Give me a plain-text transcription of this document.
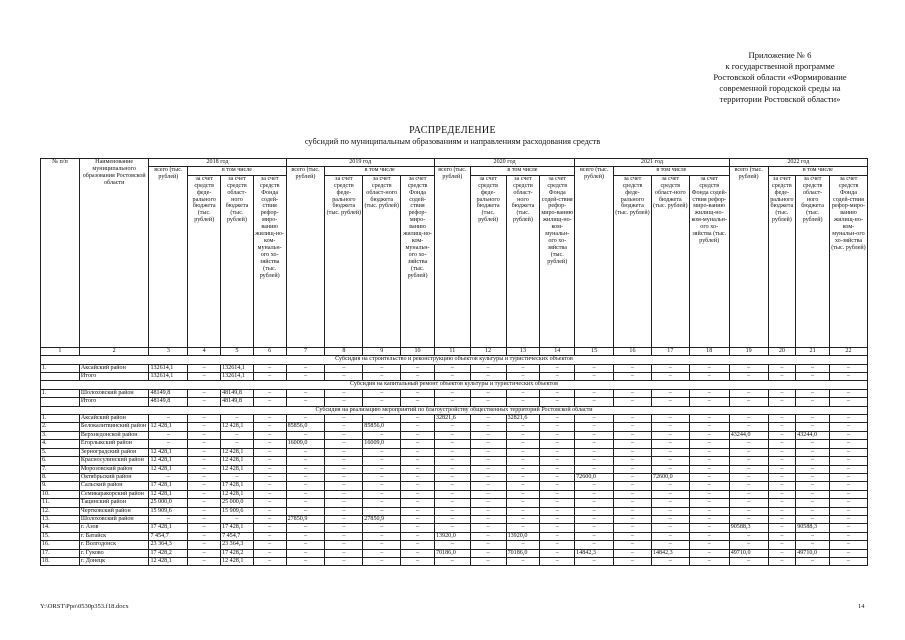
Приложение № 6
к государственной программе
Ростовской области «Формирование
современной городской среды на
территории Ростовской области»
РАСПРЕДЕЛЕНИЕ
субсидий по муниципальным образованиям и направлениям расходования средств
№ п/п	Наименование муниципального образования Ростовской области	2018 год				2019 год				2020 год				2021 год				2022 год			
		всего (тыс. рублей)	в том числе			всего (тыс. рублей)	в том числе			всего (тыс. рублей)	в том числе			всего (тыс. рублей)	в том числе			всего (тыс. рублей)	в том числе		
			за счет средств феде-рального бюджета (тыс. рублей)	за счет средств област-ного бюджета (тыс. рублей)	за счет средств Фонда содей-ствия рефор-миро-ванию жилищ-но-ком-мунальн-ого хо-зяйства (тыс. рублей)		за счет средств феде-рального бюджета (тыс. рублей)	за счет средств област-ного бюджета (тыс. рублей)	за счет средств Фонда содей-ствия рефор-миро-ванию жилищ-но-ком-мунальн-ого хо-зяйства (тыс. рублей)		за счет средств феде-рального бюджета (тыс. рублей)	за счет средств област-ного бюджета (тыс. рублей)	за счет средств Фонда содей-ствия рефор-миро-ванию жилищ-но-ком-мунальн-ого хо-зяйства (тыс. рублей)		за счет средств феде-рального бюджета (тыс. рублей)	за счет средств област-ного бюджета (тыс. рублей)	за счет средств Фонда содей-ствия рефор-миро-ванию жилищ-но-ком-мунальн-ого хо-зяйства (тыс. рублей)		за счет средств феде-рального бюджета (тыс. рублей)	за счет средств област-ного бюджета (тыс. рублей)	за счет средств Фонда содей-ствия рефор-миро-ванию жилищ-но-ком-мунальн-ого хо-зяйства (тыс. рублей)
1	2	3	4	5	6	7	8	9	10	11	12	13	14	15	16	17	18	19	20	21	22
Субсидия на строительство и реконструкцию объектов культуры и туристических объектов																					
1.	Аксайский район	132614,1	–	132614,1	–	–	–	–	–	–	–	–	–	–	–	–	–	–	–	–	–
	Итого	132614,1	–	132614,1	–	–	–	–	–	–	–	–	–	–	–	–	–	–	–	–	–
Субсидия на капитальный ремонт объектов культуры и туристических объектов																					
1.	Шолоховский район	48149,8	–	48149,8	–	–	–	–	–	–	–	–	–	–	–	–	–	–	–	–	–
	Итого	48149,8	–	48149,8	–	–	–	–	–	–	–	–	–	–	–	–	–	–	–	–	–
Субсидия на реализацию мероприятий по благоустройству общественных территорий Ростовской области																					
1.	Аксайский район	–	–	–	–	–	–	–	–	32821,6	–	32821,6	–	–	–	–	–	–	–	–	–
2.	Белокалитвинский район	12 428,1	–	12 428,1	–	85856,0	–	85856,0	–	–	–	–	–	–	–	–	–	–	–	–	–
3.	Верхнедонской район	–	–	–	–	–	–	–	–	–	–	–	–	–	–	–	–	43244,0	–	43244,0	–
4.	Егорлыкский район	–	–	–	–	16009,0	–	16009,0	–	–	–	–	–	–	–	–	–	–	–	–	–
5.	Зерноградский район	12 428,1	–	12 428,1	–	–	–	–	–	–	–	–	–	–	–	–	–	–	–	–	–
6.	Красносулинский район	12 428,1	–	12 428,1	–	–	–	–	–	–	–	–	–	–	–	–	–	–	–	–	–
7.	Морозовский район	12 428,1	–	12 428,1	–	–	–	–	–	–	–	–	–	–	–	–	–	–	–	–	–
8.	Октябрьский район	–	–	–	–	–	–	–	–	–	–	–	–	72600,0	–	72600,0	–	–	–	–	–
9.	Сальский район	17 428,1	–	17 428,1	–	–	–	–	–	–	–	–	–	–	–	–	–	–	–	–	–
10.	Семикаракорский район	12 428,1	–	12 428,1	–	–	–	–	–	–	–	–	–	–	–	–	–	–	–	–	–
11.	Тацинский район	25 000,0	–	25 000,0	–	–	–	–	–	–	–	–	–	–	–	–	–	–	–	–	–
12.	Чертковский район	15 909,6	–	15 909,6	–	–	–	–	–	–	–	–	–	–	–	–	–	–	–	–	–
13.	Шолоховский район	–	–	–	–	27850,9	–	27850,9	–	–	–	–	–	–	–	–	–	–	–	–	–
14.	г. Азов	17 428,1	–	17 428,1	–	–	–	–	–	–	–	–	–	–	–	–	–	90588,3	–	90588,3	–
15.	г. Батайск	7 454,7	–	7 454,7	–	–	–	–	–	13920,0	–	13920,0	–	–	–	–	–	–	–	–	–
16.	г. Волгодонск	23 364,3	–	23 364,3	–	–	–	–	–	–	–	–	–	–	–	–	–	–	–	–	–
17.	г. Гуково	17 428,2	–	17 428,2	–	–	–	–	–	70186,0	–	70186,0	–	14842,3	–	14842,3	–	49710,0	–	49710,0	–
18.	г. Донецк	12 428,1	–	12 428,1	–	–	–	–	–	–	–	–	–	–	–	–	–	–	–	–	–
Y:\ORST\Ppo\0530p353.f18.docx	14
